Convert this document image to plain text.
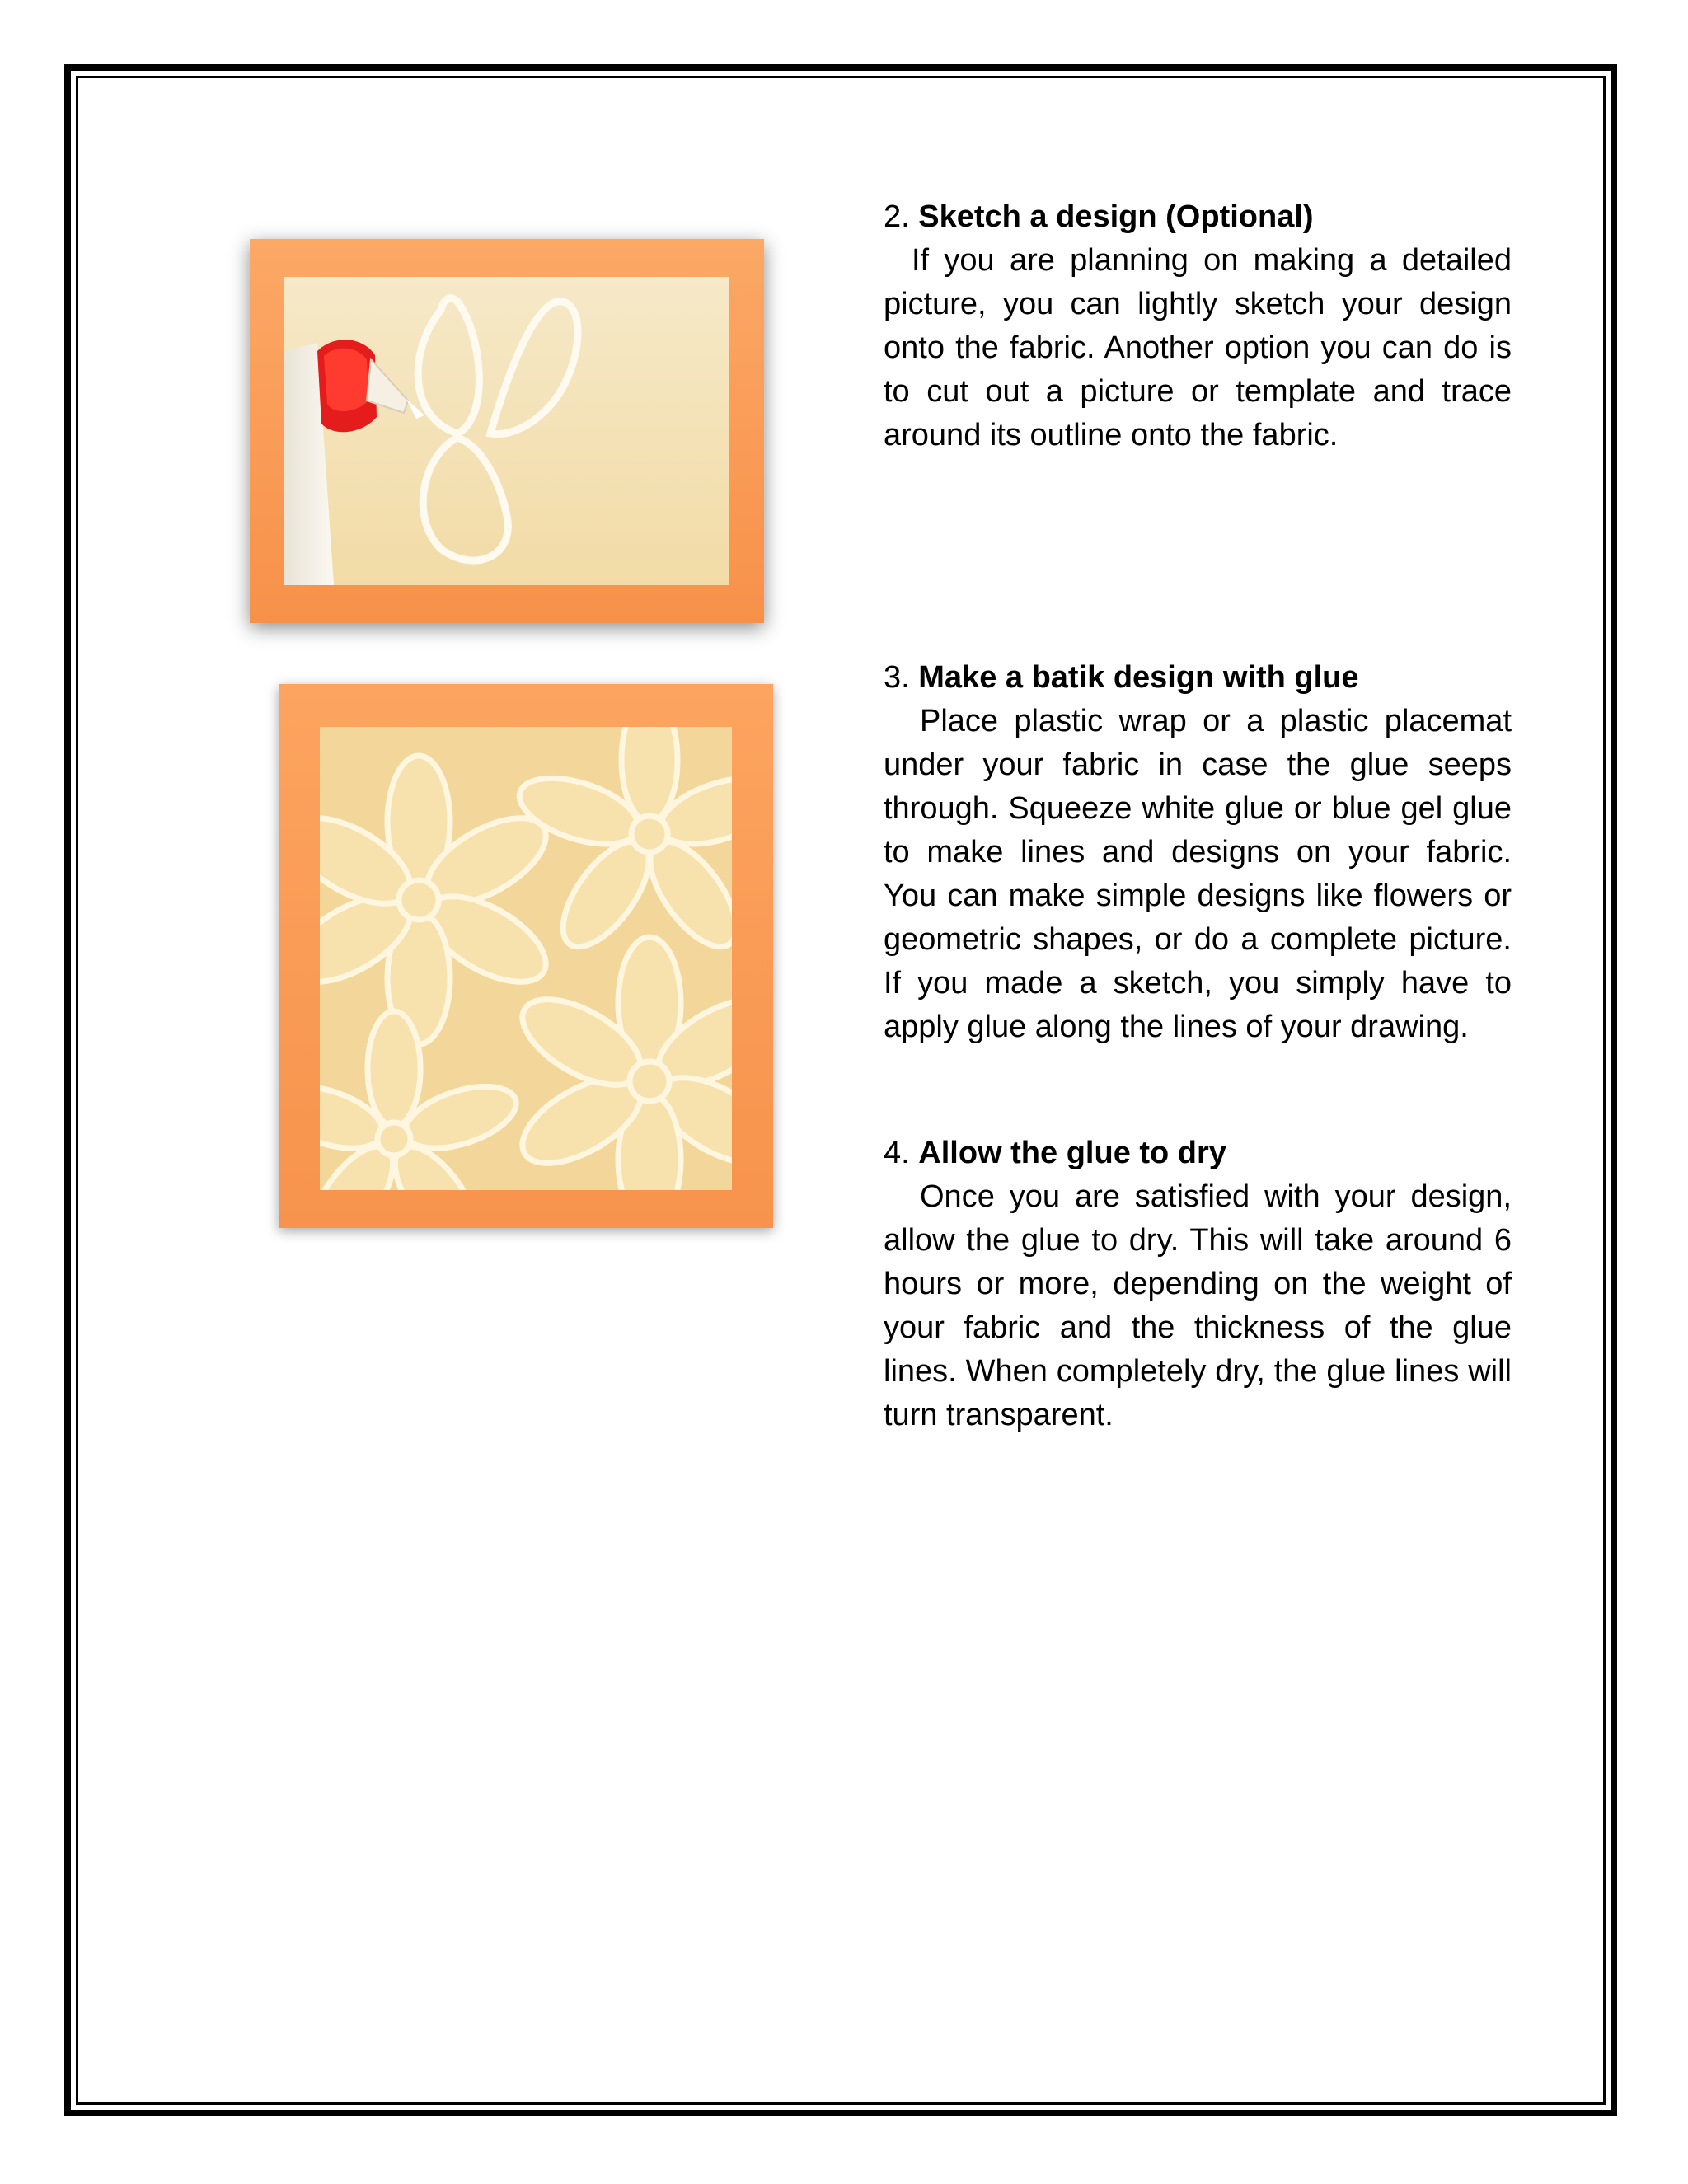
2. Sketch a design (Optional)

If you are planning on making a detailed picture, you can lightly sketch your design onto the fabric. Another option you can do is to cut out a picture or template and trace around its outline onto the fabric.

3. Make a batik design with glue

Place plastic wrap or a plastic placemat under your fabric in case the glue seeps through. Squeeze white glue or blue gel glue to make lines and designs on your fabric. You can make simple designs like flowers or geometric shapes, or do a complete picture. If you made a sketch, you simply have to apply glue along the lines of your drawing.

4. Allow the glue to dry

Once you are satisfied with your design, allow the glue to dry. This will take around 6 hours or more, depending on the weight of your fabric and the thickness of the glue lines. When completely dry, the glue lines will turn transparent.
